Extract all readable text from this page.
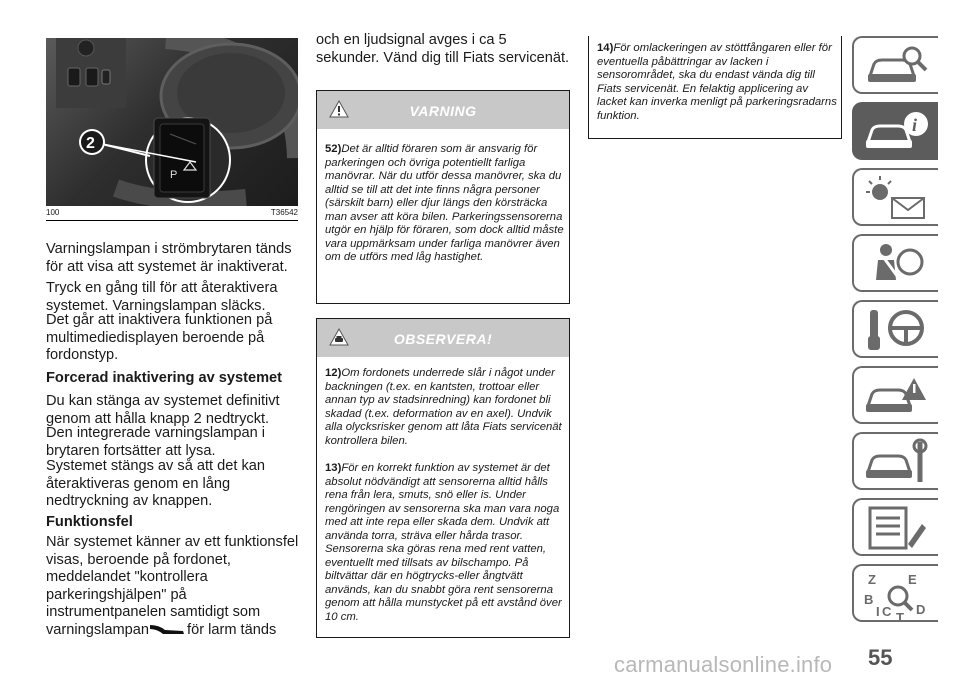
P
2
100	T36542

Varningslampan i strömbrytaren tänds för att visa att systemet är inaktiverat.

Tryck en gång till för att återaktivera systemet. Varningslampan släcks.

Det går att inaktivera funktionen på multimediedisplayen beroende på fordonstyp.

Forcerad inaktivering av systemet

Du kan stänga av systemet definitivt genom att hålla knapp 2 nedtryckt.

Den integrerade varningslampan i brytaren fortsätter att lysa.

Systemet stängs av så att det kan återaktiveras genom en lång nedtryckning av knappen.

Funktionsfel

När systemet känner av ett funktionsfel visas, beroende på fordonet, meddelandet "kontrollera parkeringshjälpen" på instrumentpanelen samtidigt som varningslampan	för larm tänds

och en ljudsignal avges i ca 5 sekunder. Vänd dig till Fiats servicenät.

VARNING

52)Det är alltid föraren som är ansvarig för parkeringen och övriga potentiellt farliga manövrar. När du utför dessa manövrer, ska du alltid se till att det inte finns några personer (särskilt barn) eller djur längs den körsträcka man avser att köra bilen. Parkeringssensorerna utgör en hjälp för föraren, som dock alltid måste vara uppmärksam under farliga manövrer även om de utförs med låg hastighet.

OBSERVERA!

12)Om fordonets underrede slår i något under backningen (t.ex. en kantsten, trottoar eller annan typ av stadsinredning) kan fordonet bli skadad (t.ex. deformation av en axel). Undvik alla olycksrisker genom att låta Fiats servicenät kontrollera bilen.

13)För en korrekt funktion av systemet är det absolut nödvändigt att sensorerna alltid hålls rena från lera, smuts, snö eller is. Under rengöringen av sensorerna ska man vara noga med att inte repa eller skada dem. Undvik att använda torra, sträva eller hårda trasor. Sensorerna ska göras rena med rent vatten, eventuellt med tillsats av bilschampo. På biltvättar där en högtrycks-eller ångtvätt används, kan du snabbt göra rent sensorerna genom att hålla munstycket på ett avstånd över 10 cm.

14)För omlackeringen av stöttfångaren eller för eventuella påbättringar av lacken i sensorområdet, ska du endast vända dig till Fiats servicenät. En felaktig applicering av lacket kan inverka menligt på parkeringsradarns funktion.	i
Z E
B
C D
T
I
55
carmanualsonline.info
